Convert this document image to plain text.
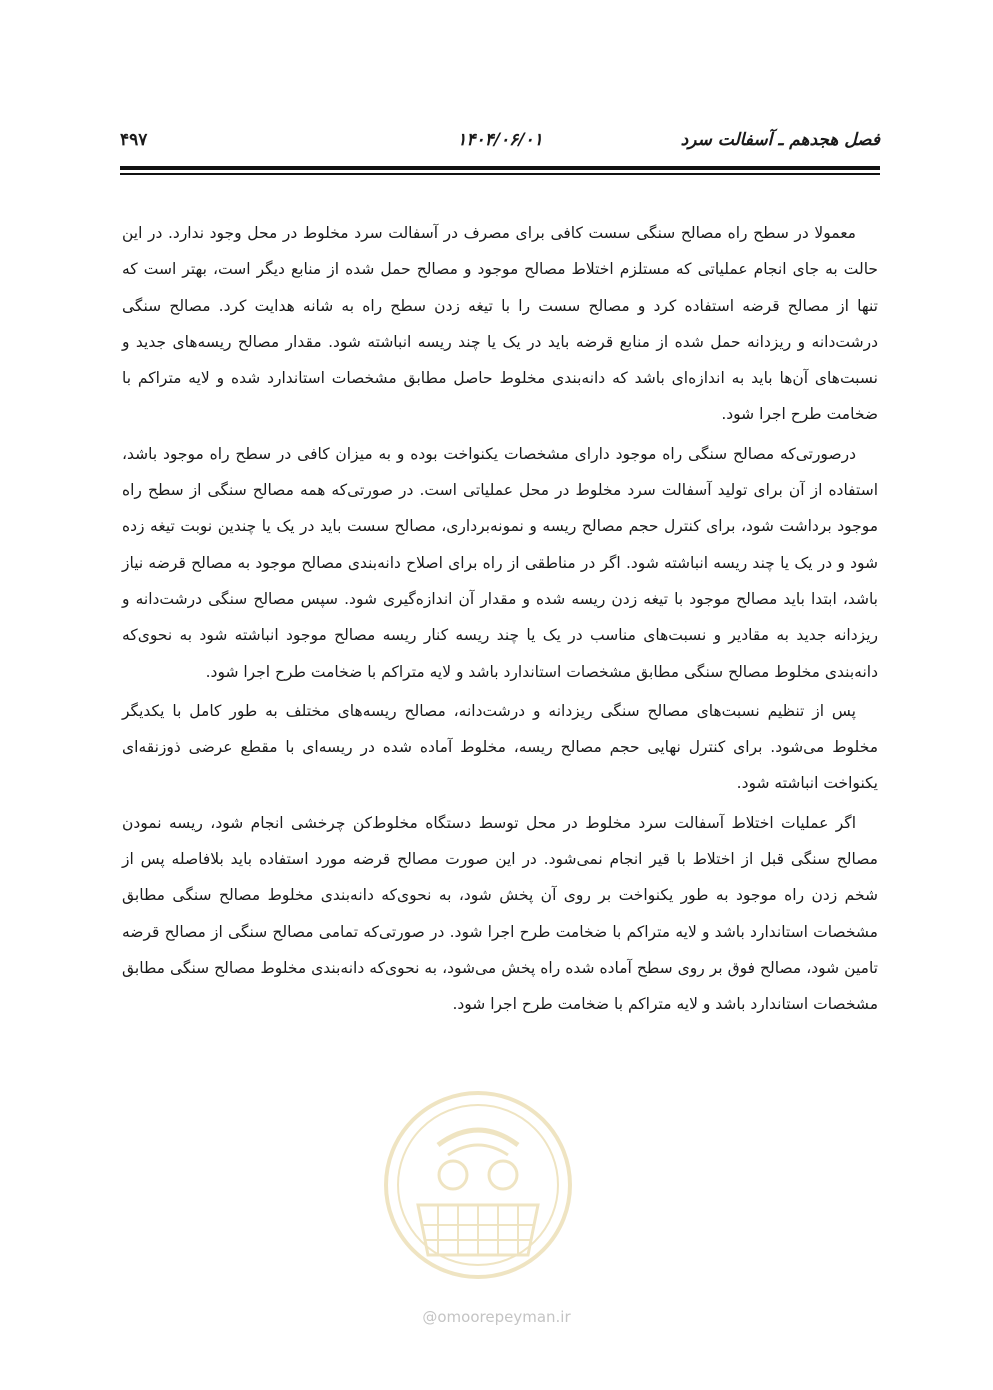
فصل هجدهم ـ آسفالت سرد
۱۴۰۴/۰۶/۰۱
۴۹۷

معمولا در سطح راه مصالح سنگی سست کافی برای مصرف در آسفالت سرد مخلوط در محل وجود ندارد. در این حالت به جای انجام عملیاتی که مستلزم اختلاط مصالح موجود و مصالح حمل شده از منابع دیگر است، بهتر است که تنها از مصالح قرضه استفاده کرد و مصالح سست را با تیغه زدن سطح راه به شانه هدایت کرد. مصالح سنگی درشت‌دانه و ریزدانه حمل شده از منابع قرضه باید در یک یا چند ریسه انباشته شود. مقدار مصالح ریسه‌های جدید و نسبت‌های آن‌ها باید به اندازه‌ای باشد که دانه‌بندی مخلوط حاصل مطابق مشخصات استاندارد شده و لایه متراکم با ضخامت طرح اجرا شود.

درصورتی‌که مصالح سنگی راه موجود دارای مشخصات یکنواخت بوده و به میزان کافی در سطح راه موجود باشد، استفاده از آن برای تولید آسفالت سرد مخلوط در محل عملیاتی است. در صورتی‌که همه مصالح سنگی از سطح راه موجود برداشت شود، برای کنترل حجم مصالح ریسه و نمونه‌برداری، مصالح سست باید در یک یا چندین نوبت تیغه زده شود و در یک یا چند ریسه انباشته شود. اگر در مناطقی از راه برای اصلاح دانه‌بندی مصالح موجود به مصالح قرضه نیاز باشد، ابتدا باید مصالح موجود با تیغه زدن ریسه شده و مقدار آن اندازه‌گیری شود. سپس مصالح سنگی درشت‌دانه و ریزدانه جدید به مقادیر و نسبت‌های مناسب در یک یا چند ریسه کنار ریسه مصالح موجود انباشته شود به نحوی‌که دانه‌بندی مخلوط مصالح سنگی مطابق مشخصات استاندارد باشد و لایه متراکم با ضخامت طرح اجرا شود.

پس از تنظیم نسبت‌های مصالح سنگی ریزدانه و درشت‌دانه، مصالح ریسه‌های مختلف به طور کامل با یکدیگر مخلوط می‌شود. برای کنترل نهایی حجم مصالح ریسه، مخلوط آماده شده در ریسه‌ای با مقطع عرضی ذوزنقه‌ای یکنواخت انباشته شود.

اگر عملیات اختلاط آسفالت سرد مخلوط در محل توسط دستگاه مخلوط‌کن چرخشی انجام شود، ریسه نمودن مصالح سنگی قبل از اختلاط با قیر انجام نمی‌شود. در این صورت مصالح قرضه مورد استفاده باید بلافاصله پس از شخم زدن راه موجود به طور یکنواخت بر روی آن پخش شود، به نحوی‌که دانه‌بندی مخلوط مصالح سنگی مطابق مشخصات استاندارد باشد و لایه متراکم با ضخامت طرح اجرا شود. در صورتی‌که تمامی مصالح سنگی از مصالح قرضه تامین شود، مصالح فوق بر روی سطح آماده شده راه پخش می‌شود، به نحوی‌که دانه‌بندی مخلوط مصالح سنگی مطابق مشخصات استاندارد باشد و لایه متراکم با ضخامت طرح اجرا شود.

@omoorepeyman.ir
